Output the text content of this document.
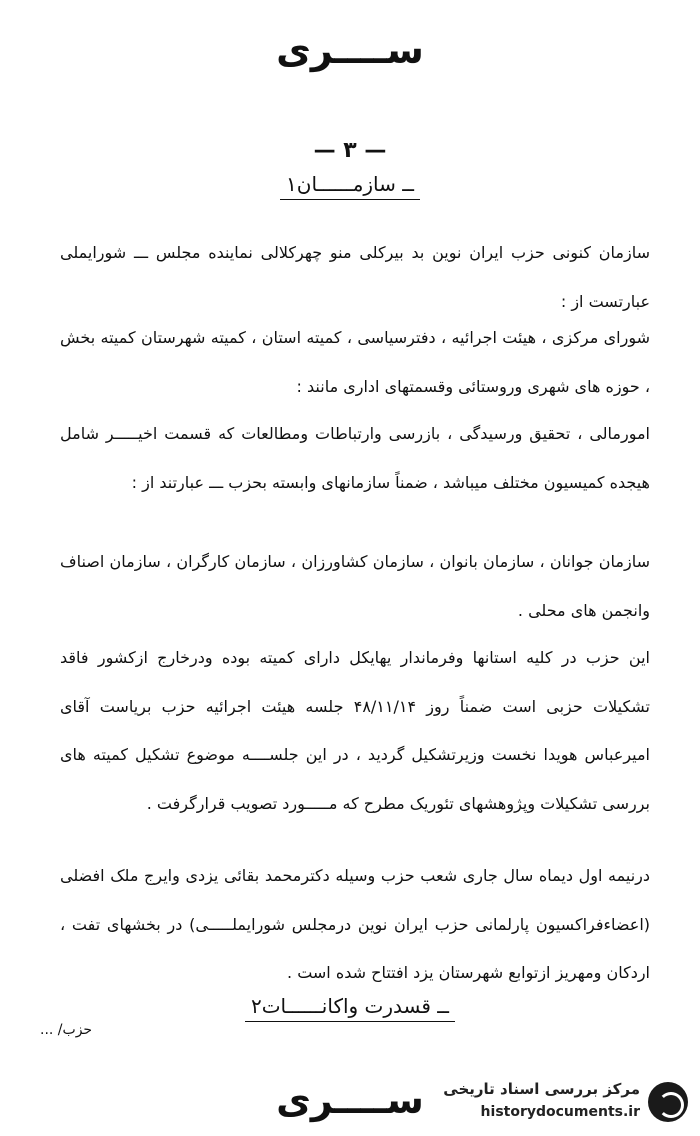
ســــری
— ۳ —
۱ــ سازمــــــان
سازمان کنونی حزب ایران نوین بد بیرکلی منو چهرکلالی نماینده مجلس ـــ شورایملی عبارتست از :
شورای مرکزی ، هیئت اجرائیه ، دفترسیاسی ، کمیته استان ، کمیته شهرستان کمیته بخش ، حوزه های شهری وروستائی وقسمتهای اداری مانند :
امورمالی ، تحقیق ورسیدگی ، بازرسی وارتباطات ومطالعات که قسمت اخیـــــر شامل هیجده کمیسیون مختلف میباشد ، ضمناً سازمانهای وابسته بحزب ـــ عبارتند از :
سازمان جوانان ، سازمان بانوان ، سازمان کشاورزان ، سازمان کارگران ، سازمان اصناف وانجمن های محلی .
این حزب در کلیه استانها وفرماندار یهایکل دارای کمیته بوده ودرخارج ازکشور فاقد تشکیلات حزبی است ضمناً روز ۴۸/۱۱/۱۴ جلسه هیئت اجرائیه حزب بریاست آقای امیرعباس هویدا نخست وزیرتشکیل گردید ، در این جلســــه موضوع تشکیل کمیته های بررسی تشکیلات وپژوهشهای تئوریک مطرح که مـــــورد تصویب قرارگرفت .
درنیمه اول دیماه سال جاری شعب حزب وسیله دکترمحمد بقائی یزدی وایرج ملک افضلی (اعضاءفراکسیون پارلمانی حزب ایران نوین درمجلس شورایملـــــی) در بخشهای تفت ، اردکان ومهریز ازتوابع شهرستان یزد افتتاح شده است .
۲ــ قسدرت واکانــــــات
حزب/ ...
ســــری	مرکز بررسی اسناد تاریخی
historydocuments.ir
